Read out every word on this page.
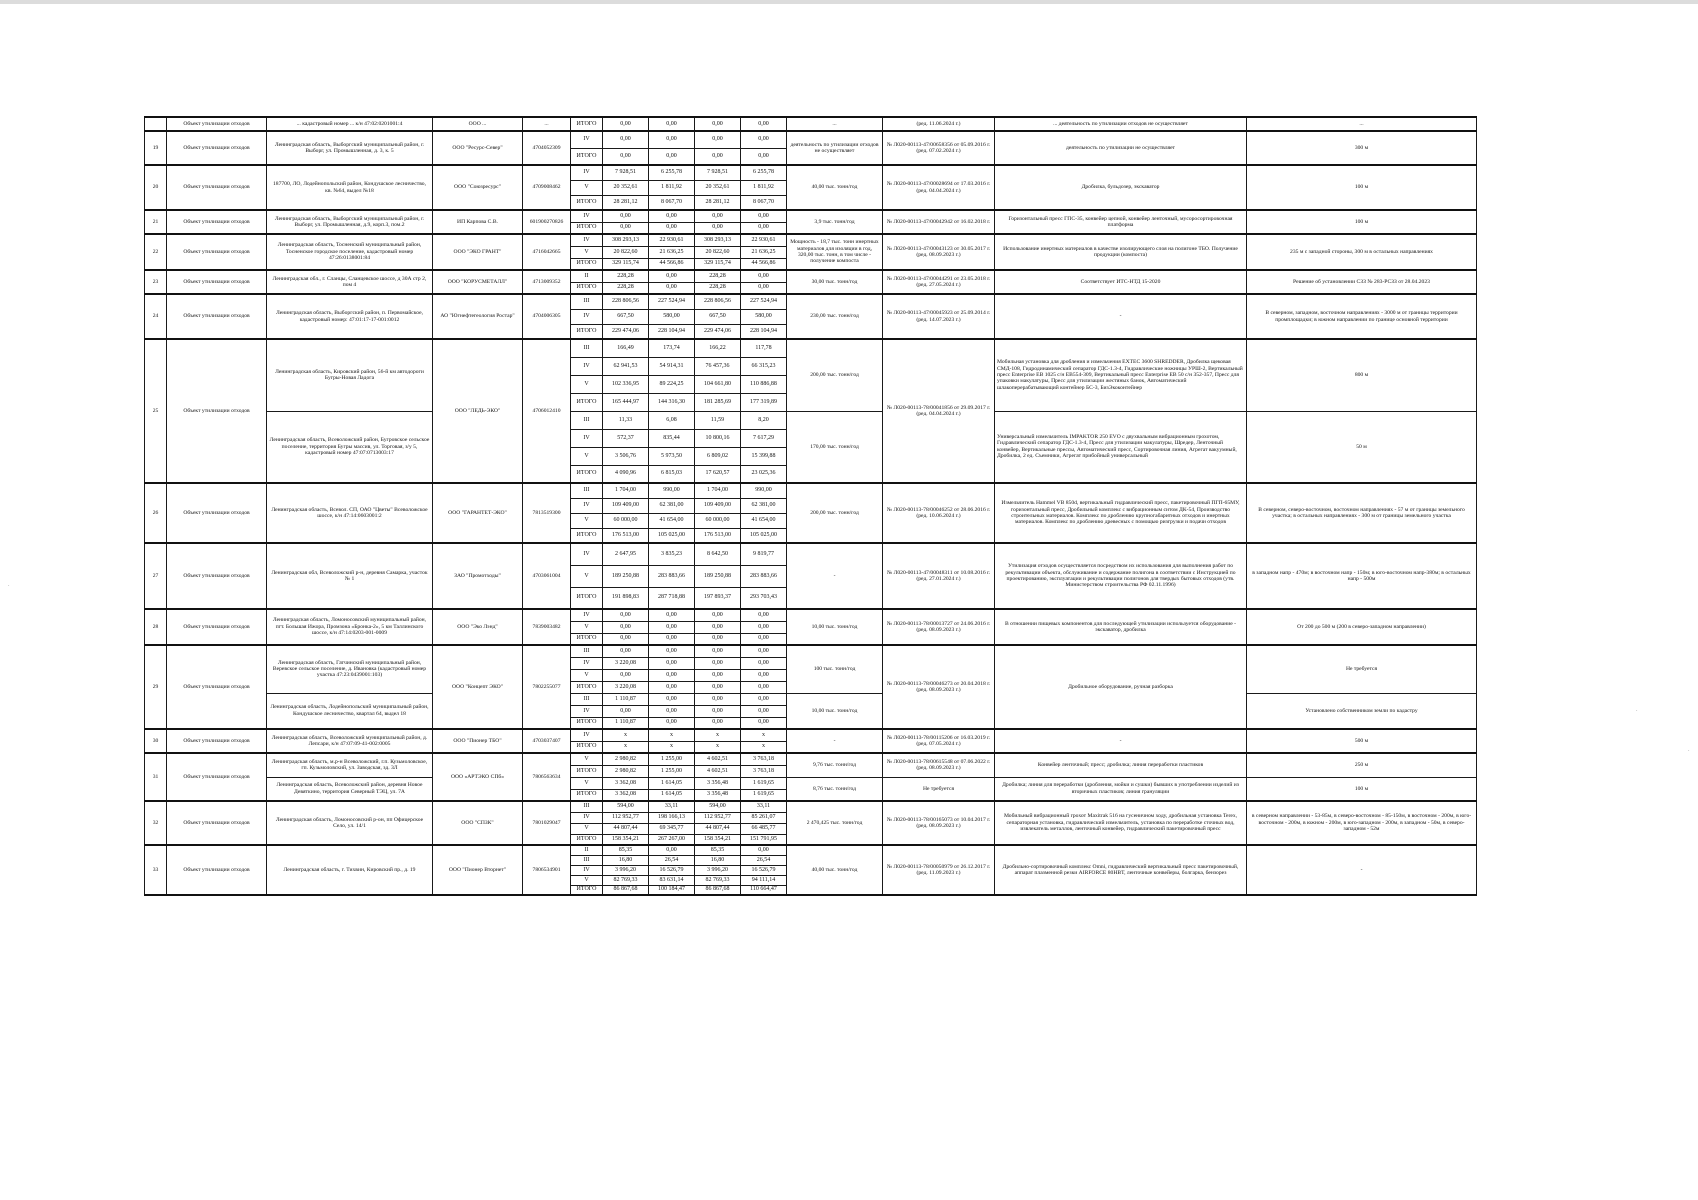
	Объект утилизации отходов	... кадастровый номер ... к/н 47:02:0201001:4	ООО ...	...	ИТОГО	0,00	0,00	0,00	0,00	...	(ред. 11.06.2024 г.)	... деятельность по утилизации отходов не осуществляет	...
19	Объект утилизации отходов	Ленинградская область, Выборгский муниципальный район, г. Выборг, ул. Промышленная, д. 3, к. 5	ООО "Ресурс-Север"	4704052309	IV	0,00	0,00	0,00	0,00	деятельность по утилизации отходов не осуществляет	№ Л020-00113-47/00658356 от 05.09.2016 г. (ред. 07.02.2024 г.)	деятельность по утилизации не осуществляет	300 м
					ИТОГО	0,00	0,00	0,00	0,00				
20	Объект утилизации отходов	187700, ЛО, Лодейнопольский район, Кондушское лесничество, кв. №64, выдел №18	ООО "Союзресурс"	4709008462	IV	7 928,51	6 255,78	7 928,51	6 255,78	40,00 тыс. тонн/год	№ Л020-00113-47/00028694 от 17.03.2016 г. (ред. 04.04.2024 г.)	Дробилка, бульдозер, экскаватор	100 м
					V	20 352,61	1 811,92	20 352,61	1 811,92				
					ИТОГО	28 281,12	8 067,70	28 281,12	8 067,70				
21	Объект утилизации отходов	Ленинградская область, Выборгский муниципальный район, г. Выборг, ул. Промышленная, д.9, корп.3, пом.2	ИП Карпова С.В.	601900270826	IV	0,00	0,00	0,00	0,00	3,9 тыс. тонн/год	№ Л020-00113-47/00042942 от 16.02.2018 г.	Горизонтальный пресс ГПС-35, конвейер цепной, конвейер ленточный, мусоросортировочная платформа	100 м
					ИТОГО	0,00	0,00	0,00	0,00				
22	Объект утилизации отходов	Ленинградская область, Тосненский муниципальный район, Тосненское городское поселение, кадастровый номер 47:26:0138001:84	ООО "ЭКО ГРАНТ"	4716042665	IV	308 293,13	22 930,61	308 293,13	22 930,61	Мощность - 18,7 тыс. тонн инертных материалов для изоляции в год, 320,00 тыс. тонн, в том числе - получение компоста	№ Л020-00113-47/00043123 от 30.05.2017 г. (ред. 08.09.2023 г.)	Использование инертных материалов в качестве изолирующего слоя на полигоне ТБО. Получение продукции (компоста)	235 м с западной стороны, 300 м в остальных направлениях
					V	20 822,60	21 636,25	20 822,60	21 636,25				
					ИТОГО	329 115,74	44 566,86	329 115,74	44 566,86				
23	Объект утилизации отходов	Ленинградская обл., г. Сланцы, Сланцевское шоссе, д 30А стр 2, пом 4	ООО "КОРУСМЕТАЛЛ"	4713009352	II	228,28	0,00	228,28	0,00	30,00 тыс. тонн/год	№ Л020-00113-47/00044291 от 23.05.2018 г. (ред. 27.05.2024 г.)	Соответствует ИТС-НТД 15-2020	Решение об установлении СЗЗ № 283-РСЗЗ от 28.04.2023
					ИТОГО	228,28	0,00	228,28	0,00				
24	Объект утилизации отходов	Ленинградская область, Выборгский район, п. Первомайское, кадастровый номер: 47:01:17-17-001:0012	АО "Югнефтегеология Ростар"	4704006305	III	228 806,56	227 524,94	228 806,56	227 524,94	230,00 тыс. тонн/год	№ Л020-00113-47/00045923 от 25.09.2014 г. (ред. 14.07.2023 г.)	-	В северном, западном, восточном направлениях - 3000 м от границы территории промплощадки; в южном направлении по границе основной территории
					IV	667,50	580,00	667,50	580,00				
					ИТОГО	229 474,06	228 104,94	229 474,06	228 104,94				
25	Объект утилизации отходов	Ленинградская область, Кировский район, 56-й км автодороги Бугры-Новая Ладога	ООО "ЛЕДЬ-ЭКО"	4706012410	III	166,49	173,74	166,22	117,78	200,00 тыс. тонн/год	№ Л020-00113-78/00041856 от 29.09.2017 г. (ред. 04.04.2024 г.)	Мобильная установка для дробления и измельчения EXTEC 3600 SHREDDER, Дробилка щековая СМД-108, Гидродинамический сепаратор ГДС-1.3-4, Гидравлические ножницы УРШ-2, Вертикальный пресс Enterprise EB 1025 с/н ЕВ554-309, Вертикальный пресс Enterprise EB 50 с/н 352-357, Пресс для упаковки макулатуры, Пресс для утилизации жестяных банок, Автоматический шлакоперерабатывающий контейнер БС-3, БизЭкоконтейнер	800 м
					IV	62 941,53	54 914,31	76 457,36	66 315,23				
					V	102 336,95	89 224,25	104 661,80	110 886,88				
					ИТОГО	165 444,97	144 316,30	181 285,69	177 319,89				
		Ленинградская область, Всеволожский район, Бугровское сельское поселение, территория Бугры массив, ул. Торговая, з/у 5, кадастровый номер 47:07:0713003:17			III	11,33	6,08	11,59	8,20	170,00 тыс. тонн/год		Универсальный измельчитель IMPAKTOR 250 EVO с двухвальным вибрационным грохотом, Гидравлический сепаратор ГДС-1.3-4, Пресс для утилизации макулатуры, Шредер, Ленточный конвейер, Вертикальные прессы, Автоматический пресс, Сортировочная линия, Агрегат вакуумный, Дробилка, 2 ед. Съемники, Агрегат прибойный универсальный	50 м
					IV	572,37	835,44	10 800,16	7 617,29				
					V	3 506,76	5 973,50	6 809,02	15 399,88				
					ИТОГО	4 090,96	6 815,03	17 620,57	23 025,36				
26	Объект утилизации отходов	Ленинградская область, Всевол. СП, ОАО "Цветы" Всеволожское шоссе, к/н 47:14:0603001:2	ООО "ГАРАНТЕТ-ЭКО"	7813519300	III	1 704,00	990,00	1 704,00	990,00	200,00 тыс. тонн/год	№ Л020-00113-78/00046252 от 28.06.2016 г. (ред. 10.06.2024 г.)	Измельчитель Hammel VB 850d, вертикальный гидравлический пресс, пакетировочный ПГП-65МУ, горизонтальный пресс, Дробильный комплекс с вибрационным ситом ДК-54, Производство строительных материалов. Комплекс по дроблению крупногабаритных отходов и инертных материалов. Комплекс по дроблению древесных с помощью ризгрузки и подачи отходов	В северном, северо-восточном, восточном направлениях - 57 м от границы земельного участка; в остальных направлениях - 300 м от границы земельного участка
					IV	109 409,00	62 381,00	109 409,00	62 381,00				
					V	60 000,00	41 654,00	60 000,00	41 654,00				
					ИТОГО	176 513,00	105 025,00	176 513,00	105 025,00				
27	Объект утилизации отходов	Ленинградская обл, Всеволожский р-н, деревня Самарка, участок № 1	ЗАО "Промотходы"	4703061004	IV	2 647,95	3 835,23	8 642,50	9 819,77	-	№ Л020-00113-47/00048311 от 10.08.2016 г. (ред. 27.01.2024 г.)	Утилизация отходов осуществляется посредством их использования для выполнения работ по рекультивации объекта, обслуживание и содержание полигона в соответствии с Инструкцией по проектированию, эксплуатации и рекультивации полигонов для твердых бытовых отходов (утв. Министерством строительства РФ 02.11.1996)	в западном напр - 470м; в восточном напр - 150м; в юго-восточном напр-380м; в остальных напр - 500м
					V	189 250,88	283 883,66	189 250,88	283 883,66				
					ИТОГО	191 898,83	287 718,88	197 893,37	293 703,43				
28	Объект утилизации отходов	Ленинградская область, Ломоносовский муниципальный район, пгт. Большая Ижора, Промзона «Бронка-2», 5 км Таллинского шоссе, к/н 47:14:0203-001-0009	ООО "Эко Лэнд"	7839003482	IV	0,00	0,00	0,00	0,00	10,00 тыс. тонн/год	№ Л020-00113-78/00013727 от 24.06.2016 г. (ред. 08.09.2023 г.)	В отношении пищевых компонентов для последующей утилизации используется оборудование - экскаватор, дробилка	От 200 до 500 м (200 в северо-западном направлении)
					V	0,00	0,00	0,00	0,00				
					ИТОГО	0,00	0,00	0,00	0,00				
29	Объект утилизации отходов	Ленинградская область, Гатчинский муниципальный район, Веревское сельское поселение, д. Ивановка (кадастровый номер участка 47:23:0439001:103)	ООО "Концепт ЭКО"	7802255077	III	0,00	0,00	0,00	0,00	100 тыс. тонн/год	№ Л020-00113-78/00046273 от 20.04.2018 г. (ред. 08.09.2023 г.)	Дробильное оборудование, ручная разборка	Не требуется
					IV	3 220,08	0,00	0,00	0,00				
					V	0,00	0,00	0,00	0,00				
					ИТОГО	3 220,08	0,00	0,00	0,00				
		Ленинградская область, Лодейнопольский муниципальный район, Кондушское лесничество, квартал 64, выдел 18			III	1 110,87	0,00	0,00	0,00	10,00 тыс. тонн/год			Установлено собственником земли по кадастру
					IV	0,00	0,00	0,00	0,00				
					ИТОГО	1 110,87	0,00	0,00	0,00				
30	Объект утилизации отходов	Ленинградская область, Всеволожский муниципальный район, д. Лепсари, к/н 47:07:09-41-002:0005	ООО "Пионер ТБО"	4703037407	IV	x	x	x	x	-	№ Л020-00113-78/00115206 от 16.03.2019 г. (ред. 07.05.2024 г.)	-	500 м
					ИТОГО	x	x	x	x				
31	Объект утилизации отходов	Ленинградская область, м.р-н Всеволожский, г.п. Кузьмоловское, гп. Кузьмоловский, ул. Заводская, зд. 3Л	ООО «АРТЭКО СПб»	7806563634	V	2 980,82	1 255,00	4 602,51	3 763,18	9,76 тыс. тонн/год	№ Л020-00113-78/00615548 от 07.06.2022 г. (ред. 08.09.2023 г.)	Конвейер ленточный; пресс; дробилка; линия переработки пластиков	250 м
					ИТОГО	2 980,82	1 255,00	4 602,51	3 763,18				
		Ленинградская область, Всеволожский район, деревня Новое Девяткино, территория Северный ТЭЦ, ул. 7А			V	3 362,08	1 614,05	3 356,48	1 619,65	8,76 тыс. тонн/год	Не требуется	Дробилка; линия для переработки (дробления, мойки и сушки) бывших в употреблении изделий из вторичных пластиков; линия грануляции	100 м
					ИТОГО	3 362,08	1 614,05	3 356,48	1 619,65				
32	Объект утилизации отходов	Ленинградская область, Ломоносовский р-он, пп Офицерское Село, ул. 14/1	ООО "СПЗК"	7801029047	III	594,00	33,11	594,00	33,11	2 470,425 тыс. тонн/год	№ Л020-00113-78/00165073 от 10.04.2017 г. (ред. 08.09.2023 г.)	Мобильный вибрационный грохот Maxitrak 516 на гусеничном ходу, дробильная установка Terex, сепараторная установка, гидравлический измельчитель, установка по переработке сточных вод, извлекатель металлов, ленточный конвейер, гидравлический пакетировочный пресс	в северном направлении - 53-85м, в северо-восточном - 85-150м, в восточном - 200м, в юго-восточном - 200м, в южном - 200м, в юго-западном - 200м, в западном - 50м, в северо-западном - 52м
					IV	112 952,77	198 166,13	112 952,77	85 261,07				
					V	44 807,44	69 345,77	44 807,44	66 485,77				
					ИТОГО	158 354,21	267 267,00	158 354,21	151 791,95				
33	Объект утилизации отходов	Ленинградская область, г. Тихвин, Кировский пр., д. 19	ООО "Пионер Вторнет"	7806534901	II	85,35	0,00	85,35	0,00	40,00 тыс. тонн/год	№ Л020-00113-78/00050979 от 26.12.2017 г. (ред. 11.09.2023 г.)	Дробильно-сортировочный комплекс Omni, гидравлический вертикальный пресс пакетировочный, аппарат плазменной резки AIRFORCE 80HBT, ленточные конвейеры, болгарка, бензорез	-
					III	16,80	26,54	16,80	26,54				
					IV	3 996,20	16 526,79	3 996,20	16 526,79				
					V	82 769,33	83 631,14	82 769,33	94 111,14				
					ИТОГО	86 867,68	100 184,47	86 867,68	110 664,47				
·
·
·
